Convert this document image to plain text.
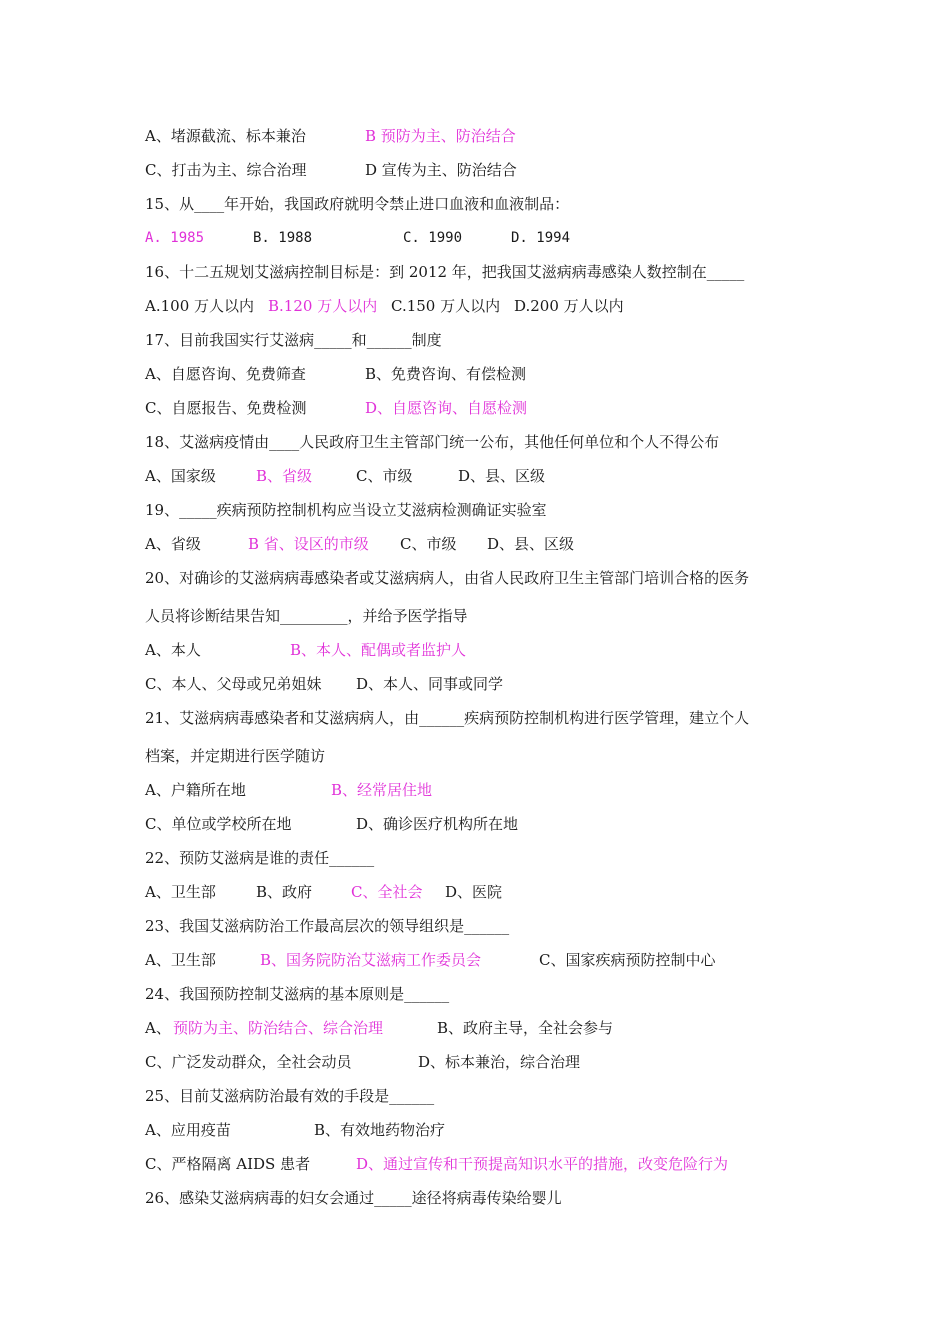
A、堵源截流、标本兼治	B 预防为主、防治结合
C、打击为主、综合治理	D 宣传为主、防治结合
15、从____年开始，我国政府就明令禁止进口血液和血液制品：
A. 1985	B. 1988	C. 1990	D. 1994
16、十二五规划艾滋病控制目标是：到 2012 年，把我国艾滋病病毒感染人数控制在_____
A.100 万人以内 B.120 万人以内 C.150 万人以内 D.200 万人以内
17、目前我国实行艾滋病_____和______制度
A、自愿咨询、免费筛查	B、免费咨询、有偿检测
C、自愿报告、免费检测	D、自愿咨询、自愿检测
18、艾滋病疫情由____人民政府卫生主管部门统一公布，其他任何单位和个人不得公布
A、国家级	B、省级	C、市级	D、县、区级
19、_____疾病预防控制机构应当设立艾滋病检测确证实验室
A、省级	B 省、设区的市级 C、市级 D、县、区级
20、对确诊的艾滋病病毒感染者或艾滋病病人，由省人民政府卫生主管部门培训合格的医务
人员将诊断结果告知_________，并给予医学指导
A、本人	B、本人、配偶或者监护人
C、本人、父母或兄弟姐妹 D、本人、同事或同学
21、艾滋病病毒感染者和艾滋病病人，由______疾病预防控制机构进行医学管理，建立个人
档案，并定期进行医学随访
A、户籍所在地	B、经常居住地
C、单位或学校所在地	D、确诊医疗机构所在地
22、预防艾滋病是谁的责任______
A、卫生部	B、政府	C、全社会 D、医院
23、我国艾滋病防治工作最高层次的领导组织是______
A、卫生部	B、国务院防治艾滋病工作委员会	C、国家疾病预防控制中心
24、我国预防控制艾滋病的基本原则是______
A、 预防为主、防治结合、综合治理	B、政府主导，全社会参与
C、广泛发动群众，全社会动员	D、标本兼治，综合治理
25、目前艾滋病防治最有效的手段是______
A、应用疫苗	B、有效地药物治疗
C、严格隔离 AIDS 患者	D、通过宣传和干预提高知识水平的措施，改变危险行为
26、感染艾滋病病毒的妇女会通过_____途径将病毒传染给婴儿
